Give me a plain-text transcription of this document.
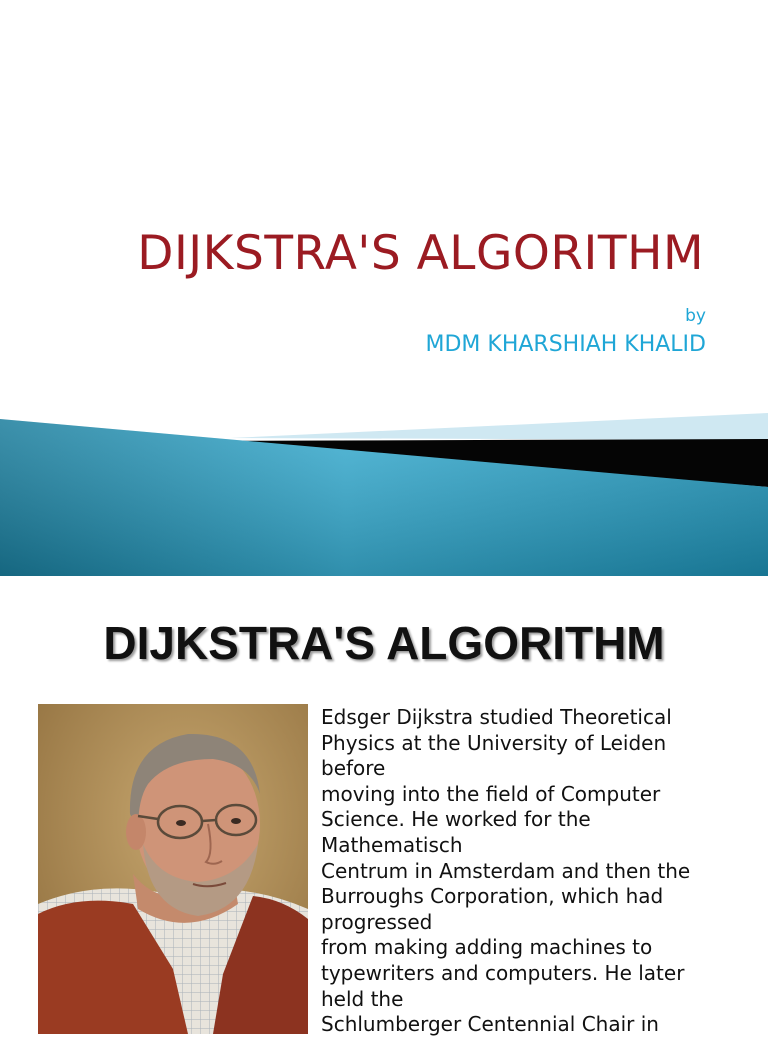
DIJKSTRA'S ALGORITHM
by
MDM KHARSHIAH KHALID
DIJKSTRA'S ALGORITHM
Edsger Dijkstra studied Theoretical
Physics at the University of Leiden
before
moving into the field of Computer
Science. He worked for the
Mathematisch
Centrum in Amsterdam and then the
Burroughs Corporation, which had
progressed
from making adding machines to
typewriters and computers. He later
held the
Schlumberger Centennial Chair in
